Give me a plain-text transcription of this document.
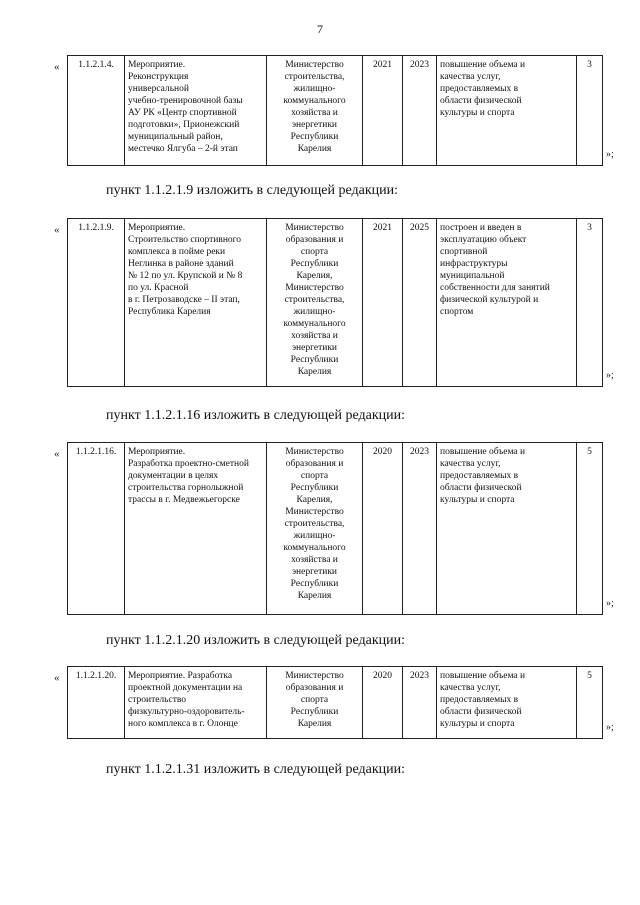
7
«
»;
1.1.2.1.4.	Мероприятие.
Реконструкция
универсальной
учебно-тренировочной базы
АУ РК «Центр спортивной
подготовки», Прионежский
муниципальный район,
местечко Ялгуба – 2-й этап

Министерство
строительства,
жилищно-
коммунального
хозяйства и
энергетики
Республики
Карелия
	2021	2023	повышение объема и
качества услуг,
предоставляемых в
области физической
культуры и спорта
	3
пункт 1.1.2.1.9 изложить в следующей редакции:
«
»;
1.1.2.1.9.	Мероприятие.
Строительство спортивного
комплекса в пойме реки
Неглинка в районе зданий
№ 12 по ул. Крупской и № 8
по ул. Красной
в г. Петрозаводске – II этап,
Республика Карелия

Министерство
образования и
спорта
Республики
Карелия,
Министерство
строительства,
жилищно-
коммунального
хозяйства и
энергетики
Республики
Карелия
	2021	2025	построен и введен в
эксплуатацию объект
спортивной
инфраструктуры
муниципальной
собственности для занятий
физической культурой и
спортом
	3
пункт 1.1.2.1.16 изложить в следующей редакции:
«
»;
1.1.2.1.16.	Мероприятие.
Разработка проектно-сметной
документации в целях
строительства горнолыжной
трассы в г. Медвежьегорске

Министерство
образования и
спорта
Республики
Карелия,
Министерство
строительства,
жилищно-
коммунального
хозяйства и
энергетики
Республики
Карелия
	2020	2023	повышение объема и
качества услуг,
предоставляемых в
области физической
культуры и спорта
	5
пункт 1.1.2.1.20 изложить в следующей редакции:
«
»;
1.1.2.1.20.	Мероприятие. Разработка
проектной документации на
строительство
физкультурно-оздоровитель-
ного комплекса в г. Олонце

Министерство
образования и
спорта
Республики
Карелия
	2020	2023	повышение объема и
качества услуг,
предоставляемых в
области физической
культуры и спорта
	5
пункт 1.1.2.1.31 изложить в следующей редакции:
